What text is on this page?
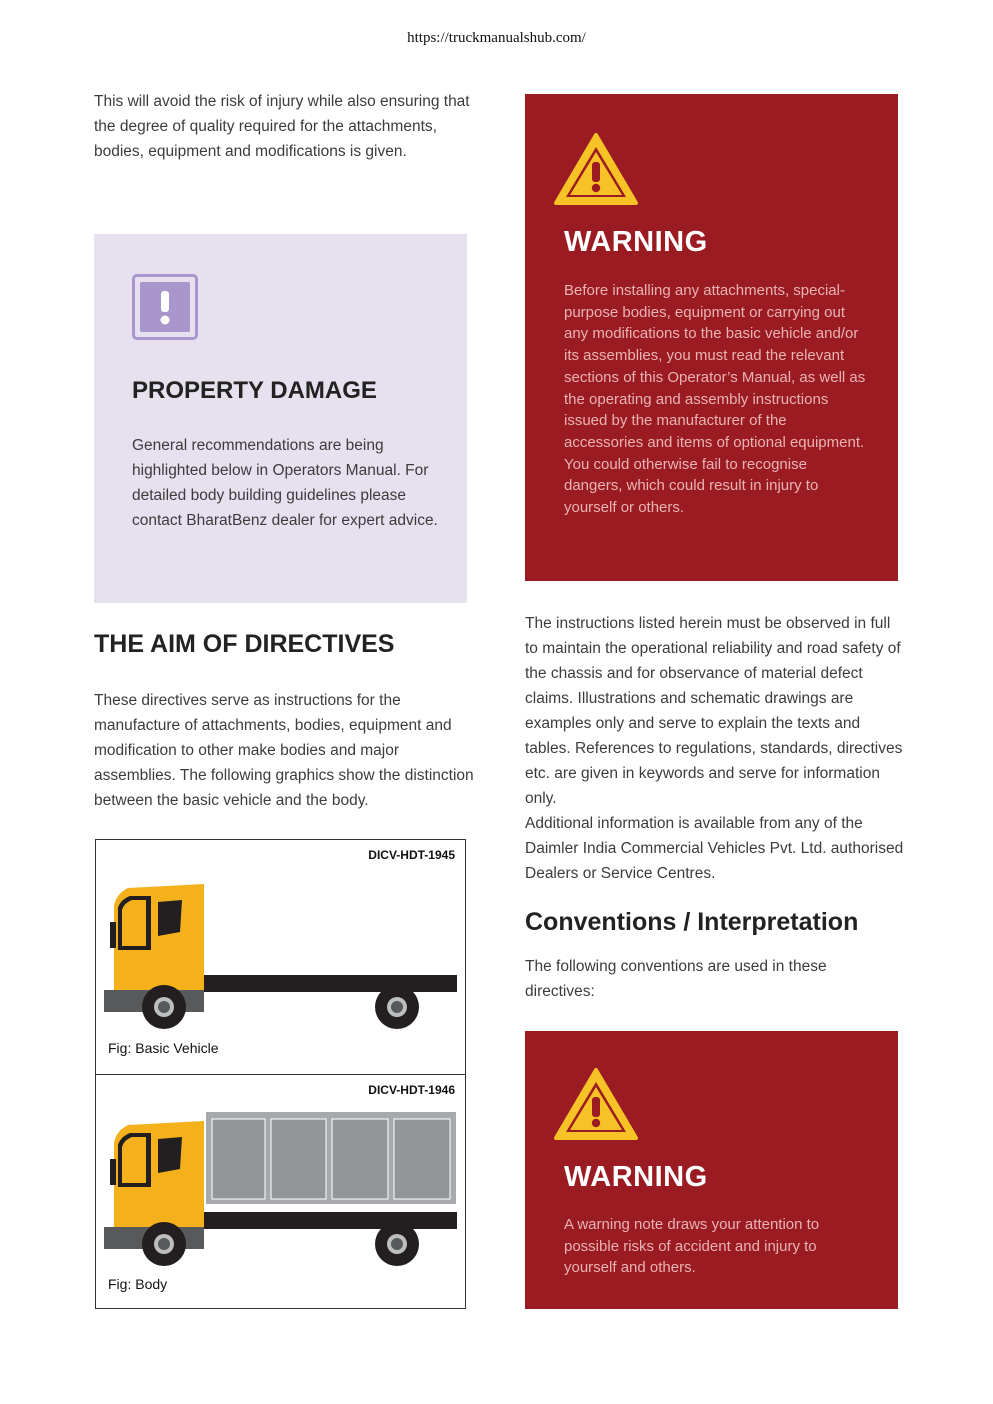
https://truckmanualshub.com/

This will avoid the risk of injury while also ensuring that the degree of quality required for the attachments, bodies, equipment and modifications is given.

PROPERTY DAMAGE

General recommendations are being highlighted below in Operators Manual. For detailed body building guidelines please contact BharatBenz dealer for expert advice.

WARNING

Before installing any attachments, special-purpose bodies, equipment or carrying out any modifications to the basic vehicle and/or its assemblies, you must read the relevant sections of this Operator’s Manual, as well as the operating and assembly instructions issued by the manufacturer of the accessories and items of optional equipment. You could otherwise fail to recognise dangers, which could result in injury to yourself or others.

THE AIM OF DIRECTIVES

These directives serve as instructions for the manufacture of attachments, bodies, equipment and modification to other make bodies and major assemblies. The following graphics show the distinction between the basic vehicle and the body.

The instructions listed herein must be observed in full to maintain the operational reliability and road safety of the chassis and for observance of material defect claims. Illustrations and schematic drawings are examples only and serve to explain the texts and tables. References to regulations, standards, directives etc. are given in keywords and serve for information only.

Additional information is available from any of the Daimler India Commercial Vehicles Pvt. Ltd. authorised Dealers or Service Centres.

Conventions / Interpretation

The following conventions are used in these directives:

WARNING

A warning note draws your attention to possible risks of accident and injury to yourself and others.

DICV-HDT-1945
Fig: Basic Vehicle
DICV-HDT-1946
Fig: Body
